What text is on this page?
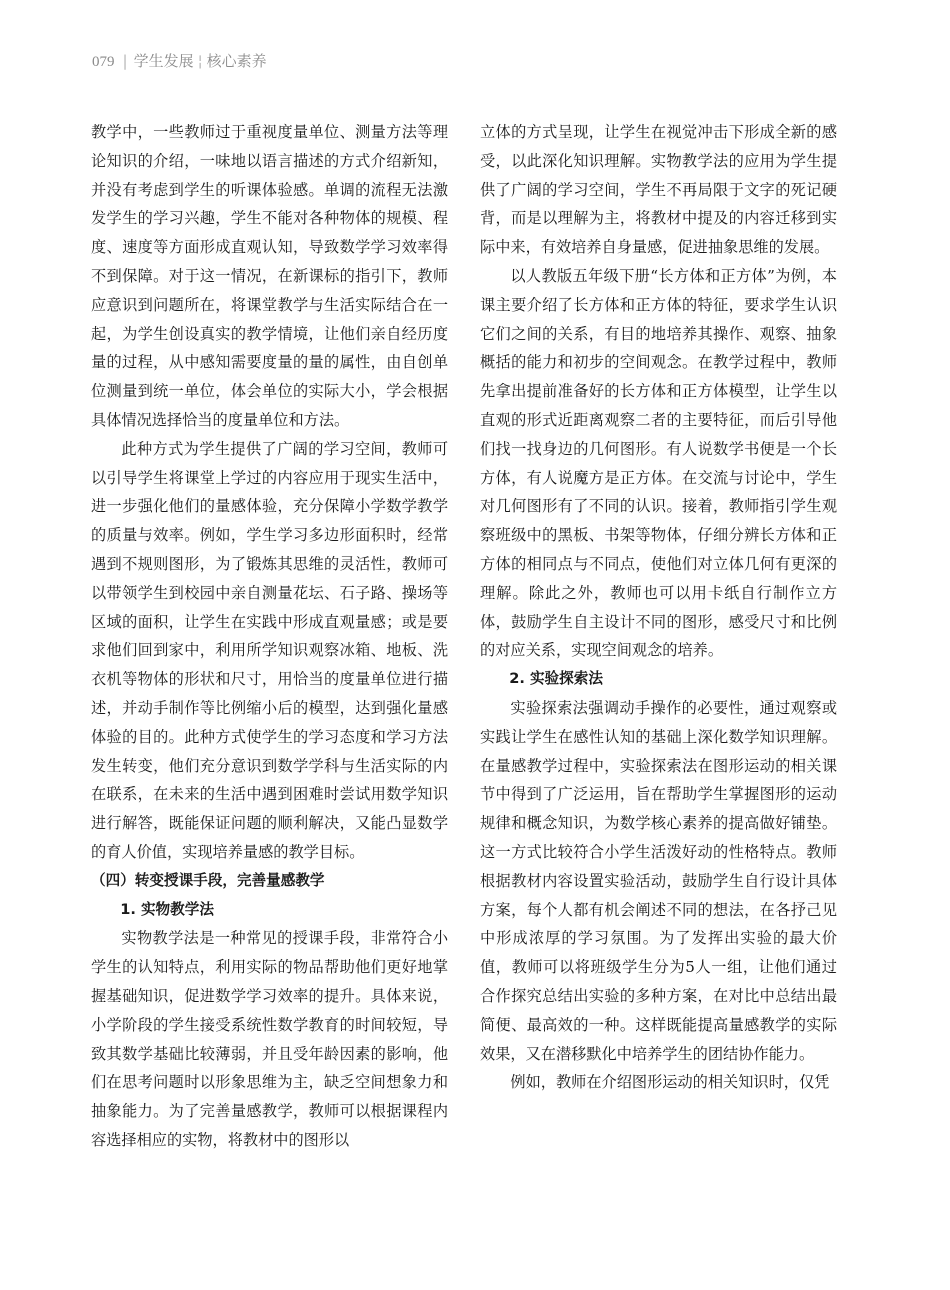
079 | 学生发展 ¦ 核心素养

教学中，一些教师过于重视度量单位、测量方法等理论知识的介绍，一味地以语言描述的方式介绍新知，并没有考虑到学生的听课体验感。单调的流程无法激发学生的学习兴趣，学生不能对各种物体的规模、程度、速度等方面形成直观认知，导致数学学习效率得不到保障。对于这一情况，在新课标的指引下，教师应意识到问题所在，将课堂教学与生活实际结合在一起，为学生创设真实的教学情境，让他们亲自经历度量的过程，从中感知需要度量的量的属性，由自创单位测量到统一单位，体会单位的实际大小，学会根据具体情况选择恰当的度量单位和方法。

此种方式为学生提供了广阔的学习空间，教师可以引导学生将课堂上学过的内容应用于现实生活中，进一步强化他们的量感体验，充分保障小学数学教学的质量与效率。例如，学生学习多边形面积时，经常遇到不规则图形，为了锻炼其思维的灵活性，教师可以带领学生到校园中亲自测量花坛、石子路、操场等区域的面积，让学生在实践中形成直观量感；或是要求他们回到家中，利用所学知识观察冰箱、地板、洗衣机等物体的形状和尺寸，用恰当的度量单位进行描述，并动手制作等比例缩小后的模型，达到强化量感体验的目的。此种方式使学生的学习态度和学习方法发生转变，他们充分意识到数学学科与生活实际的内在联系，在未来的生活中遇到困难时尝试用数学知识进行解答，既能保证问题的顺利解决，又能凸显数学的育人价值，实现培养量感的教学目标。

（四）转变授课手段，完善量感教学

1. 实物教学法

实物教学法是一种常见的授课手段，非常符合小学生的认知特点，利用实际的物品帮助他们更好地掌握基础知识，促进数学学习效率的提升。具体来说，小学阶段的学生接受系统性数学教育的时间较短，导致其数学基础比较薄弱，并且受年龄因素的影响，他们在思考问题时以形象思维为主，缺乏空间想象力和抽象能力。为了完善量感教学，教师可以根据课程内容选择相应的实物，将教材中的图形以

立体的方式呈现，让学生在视觉冲击下形成全新的感受，以此深化知识理解。实物教学法的应用为学生提供了广阔的学习空间，学生不再局限于文字的死记硬背，而是以理解为主，将教材中提及的内容迁移到实际中来，有效培养自身量感，促进抽象思维的发展。

以人教版五年级下册“长方体和正方体”为例，本课主要介绍了长方体和正方体的特征，要求学生认识它们之间的关系，有目的地培养其操作、观察、抽象概括的能力和初步的空间观念。在教学过程中，教师先拿出提前准备好的长方体和正方体模型，让学生以直观的形式近距离观察二者的主要特征，而后引导他们找一找身边的几何图形。有人说数学书便是一个长方体，有人说魔方是正方体。在交流与讨论中，学生对几何图形有了不同的认识。接着，教师指引学生观察班级中的黑板、书架等物体，仔细分辨长方体和正方体的相同点与不同点，使他们对立体几何有更深的理解。除此之外，教师也可以用卡纸自行制作立方体，鼓励学生自主设计不同的图形，感受尺寸和比例的对应关系，实现空间观念的培养。

2. 实验探索法

实验探索法强调动手操作的必要性，通过观察或实践让学生在感性认知的基础上深化数学知识理解。在量感教学过程中，实验探索法在图形运动的相关课节中得到了广泛运用，旨在帮助学生掌握图形的运动规律和概念知识，为数学核心素养的提高做好铺垫。这一方式比较符合小学生活泼好动的性格特点。教师根据教材内容设置实验活动，鼓励学生自行设计具体方案，每个人都有机会阐述不同的想法，在各抒己见中形成浓厚的学习氛围。为了发挥出实验的最大价值，教师可以将班级学生分为5人一组，让他们通过合作探究总结出实验的多种方案，在对比中总结出最简便、最高效的一种。这样既能提高量感教学的实际效果，又在潜移默化中培养学生的团结协作能力。

例如，教师在介绍图形运动的相关知识时，仅凭
